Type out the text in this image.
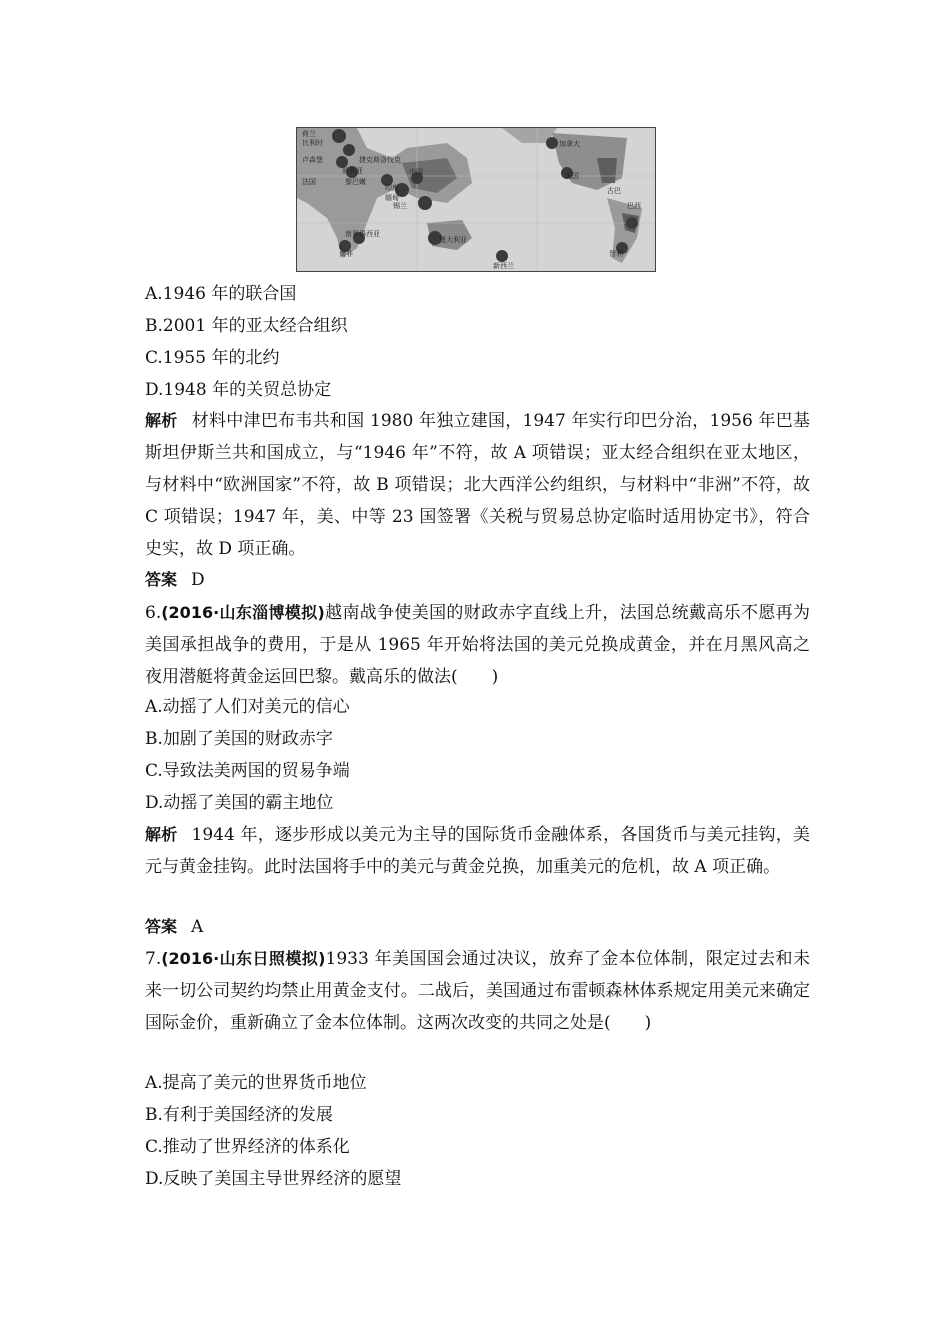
荷兰
比利时
卢森堡
法国
捷克斯洛伐克
叙利亚
黎巴嫩
印度
中国
缅甸
锡兰
南非
南罗得西亚
澳大利亚
新西兰
美国
加拿大
古巴
巴西
智利
A.1946 年的联合国
B.2001 年的亚太经合组织
C.1955 年的北约
D.1948 年的关贸总协定
解析 材料中津巴布韦共和国 1980 年独立建国，1947 年实行印巴分治，1956 年巴基斯坦伊斯兰共和国成立，与“1946 年”不符，故 A 项错误；亚太经合组织在亚太地区，与材料中“欧洲国家”不符，故 B 项错误；北大西洋公约组织，与材料中“非洲”不符，故 C 项错误；1947 年，美、中等 23 国签署《关税与贸易总协定临时适用协定书》，符合史实，故 D 项正确。
答案 D
6.(2016·山东淄博模拟)越南战争使美国的财政赤字直线上升，法国总统戴高乐不愿再为美国承担战争的费用，于是从 1965 年开始将法国的美元兑换成黄金，并在月黑风高之夜用潜艇将黄金运回巴黎。戴高乐的做法(　　)
A.动摇了人们对美元的信心
B.加剧了美国的财政赤字
C.导致法美两国的贸易争端
D.动摇了美国的霸主地位
解析 1944 年，逐步形成以美元为主导的国际货币金融体系，各国货币与美元挂钩，美元与黄金挂钩。此时法国将手中的美元与黄金兑换，加重美元的危机，故 A 项正确。
答案 A
7.(2016·山东日照模拟)1933 年美国国会通过决议，放弃了金本位体制，限定过去和未来一切公司契约均禁止用黄金支付。二战后，美国通过布雷顿森林体系规定用美元来确定国际金价，重新确立了金本位体制。这两次改变的共同之处是(　　)
A.提高了美元的世界货币地位
B.有利于美国经济的发展
C.推动了世界经济的体系化
D.反映了美国主导世界经济的愿望
